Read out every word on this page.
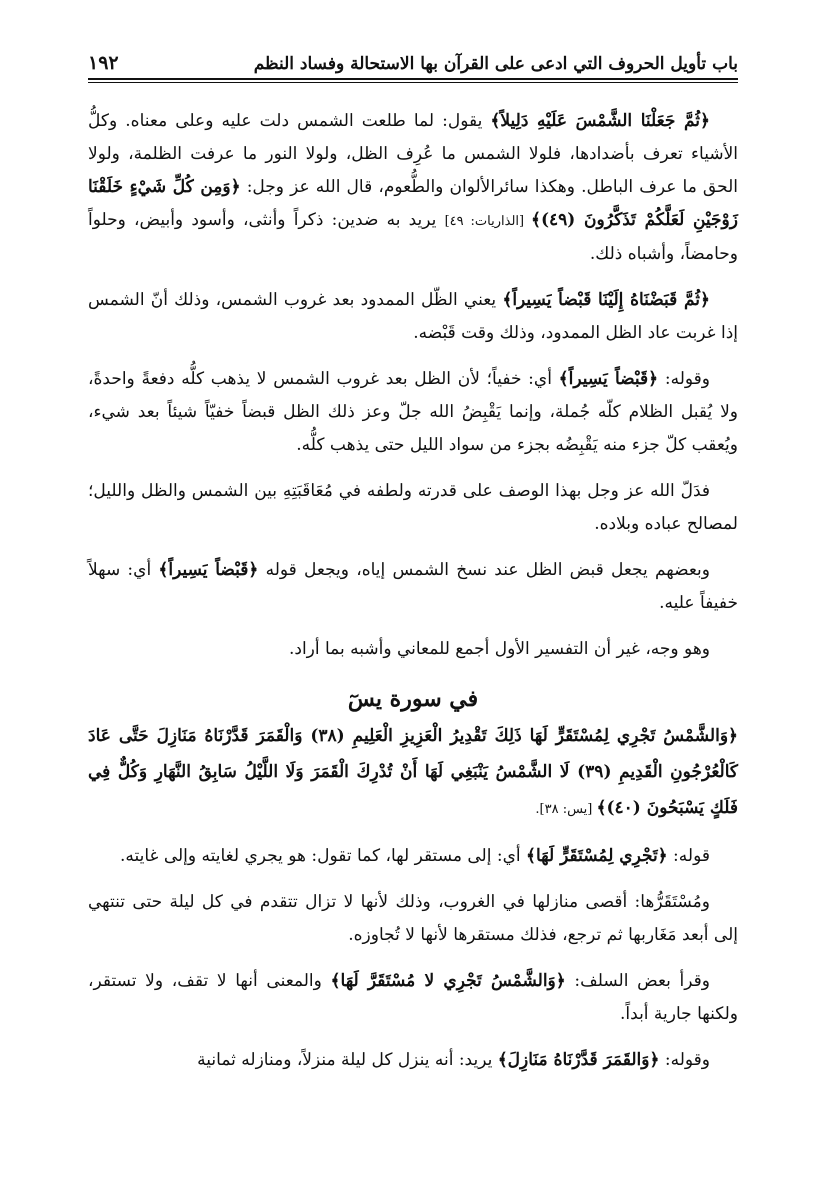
باب تأويل الحروف التي ادعى على القرآن بها الاستحالة وفساد النظم
١٩٢

﴿ثُمَّ جَعَلْنَا الشَّمْسَ عَلَيْهِ دَلِيلاً﴾ يقول: لما طلعت الشمس دلت عليه وعلى معناه. وكلُّ الأشياء تعرف بأضدادها، فلولا الشمس ما عُرِف الظل، ولولا النور ما عرفت الظلمة، ولولا الحق ما عرف الباطل. وهكذا سائرالألوان والطُّعوم، قال الله عز وجل: ﴿وَمِن كُلِّ شَيْءٍ خَلَقْنَا زَوْجَيْنِ لَعَلَّكُمْ تَذَكَّرُونَ (٤٩)﴾ [الذاريات: ٤٩] يريد به ضدين: ذكراً وأنثى، وأسود وأبيض، وحلواً وحامضاً، وأشباه ذلك.

﴿ثُمَّ قَبَضْنَاهُ إِلَيْنَا قَبْضاً يَسِيراً﴾ يعني الظّل الممدود بعد غروب الشمس، وذلك أنّ الشمس إذا غربت عاد الظل الممدود، وذلك وقت قَبْضه.

وقوله: ﴿قَبْضاً يَسِيراً﴾ أي: خفياً؛ لأن الظل بعد غروب الشمس لا يذهب كلُّه دفعةً واحدةً، ولا يُقبل الظلام كلّه جُملة، وإنما يَقْبِضُ الله جلّ وعز ذلك الظل قبضاً خفيّاً شيئاً بعد شيء، ويُعقب كلّ جزء منه يَقْبِضُه بجزء من سواد الليل حتى يذهب كلُّه.

فدَلّ الله عز وجل بهذا الوصف على قدرته ولطفه في مُعَاقَبَتِهِ بين الشمس والظل والليل؛ لمصالح عباده وبلاده.

وبعضهم يجعل قبض الظل عند نسخ الشمس إياه، ويجعل قوله ﴿قَبْضاً يَسِيراً﴾ أي: سهلاً خفيفاً عليه.

وهو وجه، غير أن التفسير الأول أجمع للمعاني وأشبه بما أراد.

في سورة يسٓ

﴿وَالشَّمْسُ تَجْرِي لِمُسْتَقَرٍّ لَهَا ذَلِكَ تَقْدِيرُ الْعَزِيزِ الْعَلِيمِ (٣٨) وَالْقَمَرَ قَدَّرْنَاهُ مَنَازِلَ حَتَّى عَادَ كَالْعُرْجُونِ الْقَدِيمِ (٣٩) لَا الشَّمْسُ يَنْبَغِي لَهَا أَنْ تُدْرِكَ الْقَمَرَ وَلَا اللَّيْلُ سَابِقُ النَّهَارِ وَكُلٌّ فِي فَلَكٍ يَسْبَحُونَ (٤٠)﴾ [يس: ٣٨].

قوله: ﴿تَجْرِي لِمُسْتَقَرٍّ لَهَا﴾ أي: إلى مستقر لها، كما تقول: هو يجري لغايته وإلى غايته.

ومُسْتَقَرُّها: أقصى منازلها في الغروب، وذلك لأنها لا تزال تتقدم في كل ليلة حتى تنتهي إلى أبعد مَغَاربها ثم ترجع، فذلك مستقرها لأنها لا تُجاوزه.

وقرأ بعض السلف: ﴿وَالشَّمْسُ تَجْرِي لا مُسْتَقَرَّ لَهَا﴾ والمعنى أنها لا تقف، ولا تستقر، ولكنها جارية أبداً.

وقوله: ﴿وَالقَمَرَ قَدَّرْنَاهُ مَنَازِلَ﴾ يريد: أنه ينزل كل ليلة منزلاً، ومنازله ثمانية
